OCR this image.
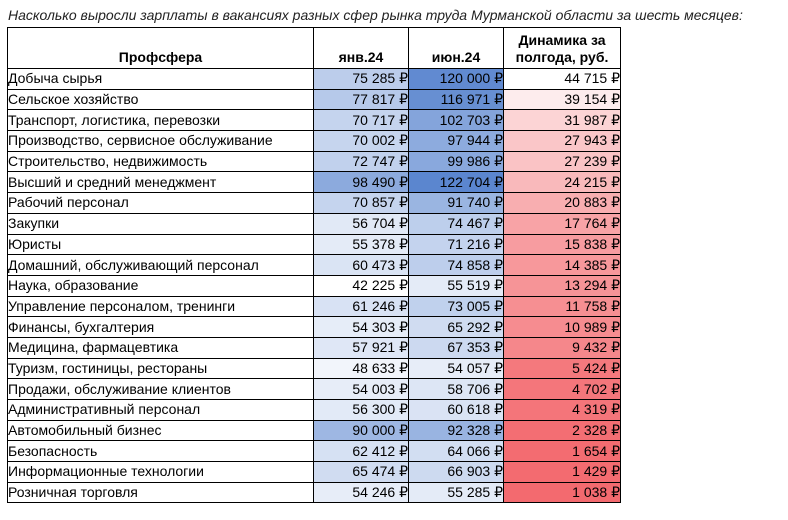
Насколько выросли зарплаты в вакансиях разных сфер рынка труда Мурманской области за шесть месяцев:
Профсфера	янв.24	июн.24	Динамика за полгода, руб.
Добыча сырья	75 285 ₽	120 000 ₽	44 715 ₽
Сельское хозяйство	77 817 ₽	116 971 ₽	39 154 ₽
Транспорт, логистика, перевозки	70 717 ₽	102 703 ₽	31 987 ₽
Производство, сервисное обслуживание	70 002 ₽	97 944 ₽	27 943 ₽
Строительство, недвижимость	72 747 ₽	99 986 ₽	27 239 ₽
Высший и средний менеджмент	98 490 ₽	122 704 ₽	24 215 ₽
Рабочий персонал	70 857 ₽	91 740 ₽	20 883 ₽
Закупки	56 704 ₽	74 467 ₽	17 764 ₽
Юристы	55 378 ₽	71 216 ₽	15 838 ₽
Домашний, обслуживающий персонал	60 473 ₽	74 858 ₽	14 385 ₽
Наука, образование	42 225 ₽	55 519 ₽	13 294 ₽
Управление персоналом, тренинги	61 246 ₽	73 005 ₽	11 758 ₽
Финансы, бухгалтерия	54 303 ₽	65 292 ₽	10 989 ₽
Медицина, фармацевтика	57 921 ₽	67 353 ₽	9 432 ₽
Туризм, гостиницы, рестораны	48 633 ₽	54 057 ₽	5 424 ₽
Продажи, обслуживание клиентов	54 003 ₽	58 706 ₽	4 702 ₽
Административный персонал	56 300 ₽	60 618 ₽	4 319 ₽
Автомобильный бизнес	90 000 ₽	92 328 ₽	2 328 ₽
Безопасность	62 412 ₽	64 066 ₽	1 654 ₽
Информационные технологии	65 474 ₽	66 903 ₽	1 429 ₽
Розничная торговля	54 246 ₽	55 285 ₽	1 038 ₽
